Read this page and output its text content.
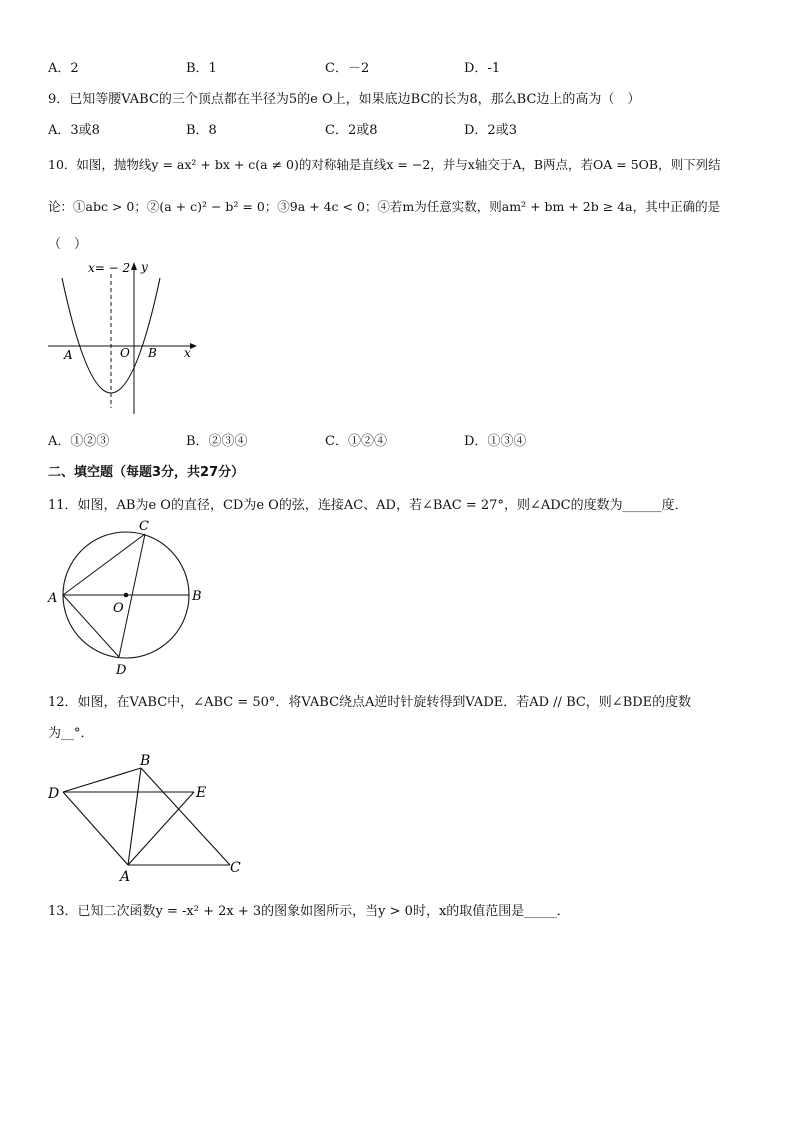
A．2	B．1	C．－2	D．-1
9．已知等腰VABC的三个顶点都在半径为5的e O上，如果底边BC的长为8，那么BC边上的高为（　）
A．3或8	B．8	C．2或8	D．2或3
10．如图，抛物线y = ax² + bx + c(a ≠ 0)的对称轴是直线x = −2，并与x轴交于A，B两点，若OA = 5OB，则下列结
论：①abc > 0；②(a + c)² − b² = 0；③9a + 4c < 0；④若m为任意实数，则am² + bm + 2b ≥ 4a，其中正确的是
（　）
x= − 2 y
x
A	O B
A．①②③	B．②③④	C．①②④	D．①③④
二、填空题（每题3分，共27分）
11．如图，AB为e O的直径，CD为e O的弦，连接AC、AD，若∠BAC = 27°，则∠ADC的度数为______度．
A	B
C
D
O
12．如图，在VABC中，∠ABC = 50°．将VABC绕点A逆时针旋转得到VADE．若AD // BC，则∠BDE的度数
为__°．
D
B
E
C
A
13．已知二次函数y = -x² + 2x + 3的图象如图所示，当y > 0时，x的取值范围是_____．
